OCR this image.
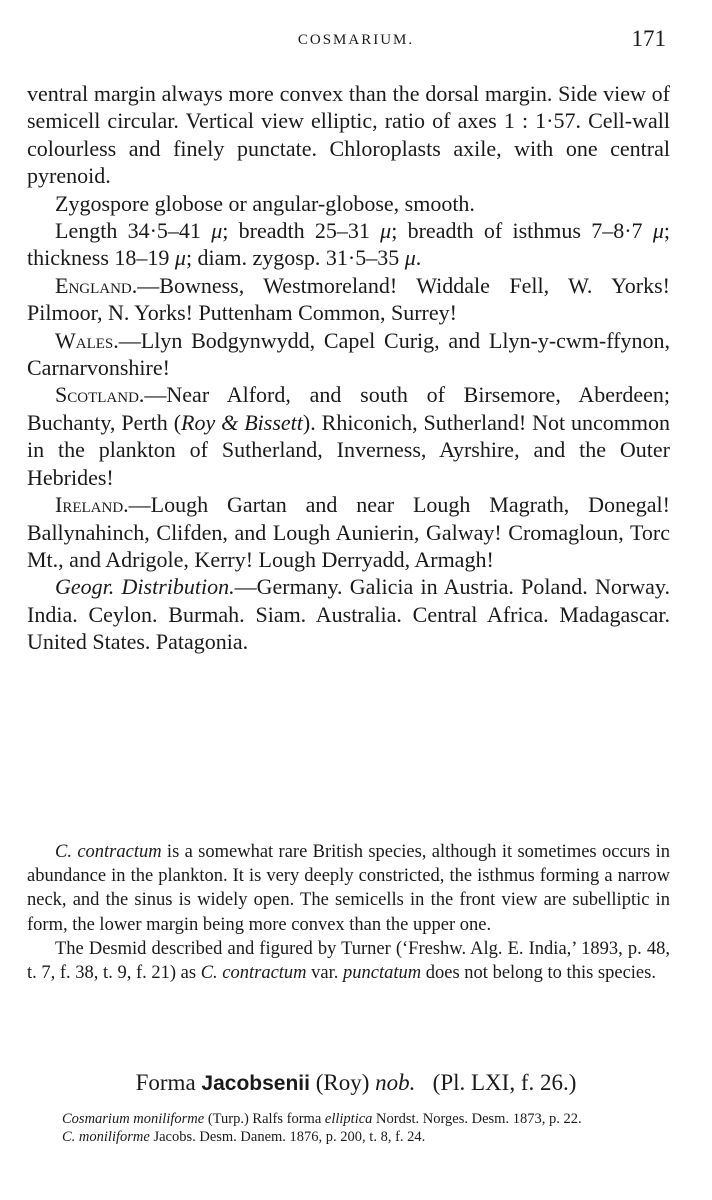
COSMARIUM.	171

ventral margin always more convex than the dorsal margin. Side view of semicell circular. Vertical view elliptic, ratio of axes 1 : 1·57. Cell-wall colourless and finely punctate. Chloroplasts axile, with one central pyrenoid.

Zygospore globose or angular-globose, smooth.

Length 34·5–41 μ; breadth 25–31 μ; breadth of isthmus 7–8·7 μ; thickness 18–19 μ; diam. zygosp. 31·5–35 μ.

England.—Bowness, Westmoreland! Widdale Fell, W. Yorks! Pilmoor, N. Yorks! Puttenham Common, Surrey!

Wales.—Llyn Bodgynwydd, Capel Curig, and Llyn-y-cwm-ffynon, Carnarvonshire!

Scotland.—Near Alford, and south of Birsemore, Aberdeen; Buchanty, Perth (Roy & Bissett). Rhiconich, Sutherland! Not uncommon in the plankton of Sutherland, Inverness, Ayrshire, and the Outer Hebrides!

Ireland.—Lough Gartan and near Lough Magrath, Donegal! Ballynahinch, Clifden, and Lough Aunierin, Galway! Cromagloun, Torc Mt., and Adrigole, Kerry! Lough Derryadd, Armagh!

Geogr. Distribution.—Germany. Galicia in Austria. Poland. Norway. India. Ceylon. Burmah. Siam. Australia. Central Africa. Madagascar. United States. Patagonia.

C. contractum is a somewhat rare British species, although it sometimes occurs in abundance in the plankton. It is very deeply constricted, the isthmus forming a narrow neck, and the sinus is widely open. The semicells in the front view are subelliptic in form, the lower margin being more convex than the upper one.

The Desmid described and figured by Turner (‘Freshw. Alg. E. India,’ 1893, p. 48, t. 7, f. 38, t. 9, f. 21) as C. contractum var. punctatum does not belong to this species.

Forma Jacobsenii (Roy) nob.   (Pl. LXI, f. 26.)

Cosmarium moniliforme (Turp.) Ralfs forma elliptica Nordst. Norges. Desm. 1873, p. 22.

C. moniliforme Jacobs. Desm. Danem. 1876, p. 200, t. 8, f. 24.
